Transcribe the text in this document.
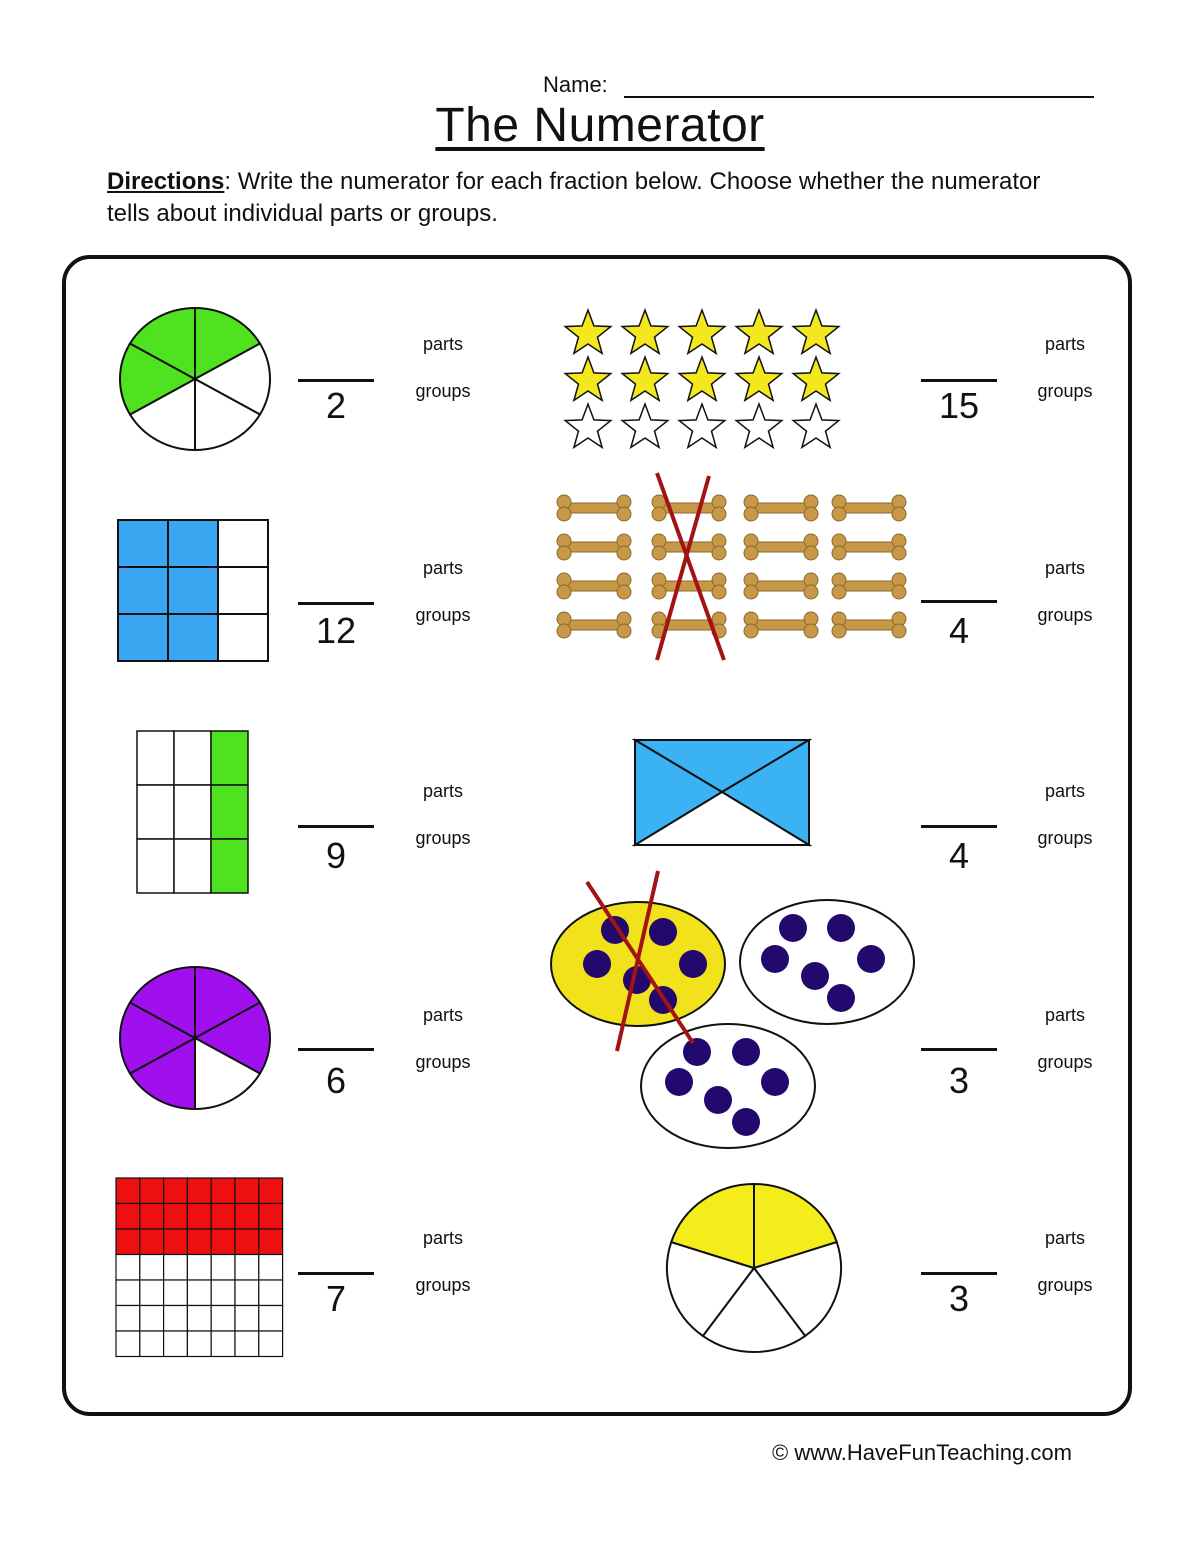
Name:
The Numerator
Directions: Write the numerator for each fraction below. Choose whether the numerator tells about individual parts or groups.
2
parts
groups	15
parts
groups
12
parts
groups	4
parts
groups
9
parts
groups	4
parts
groups
6
parts
groups	3
parts
groups
7
parts
groups	3
parts
groups
© www.HaveFunTeaching.com
